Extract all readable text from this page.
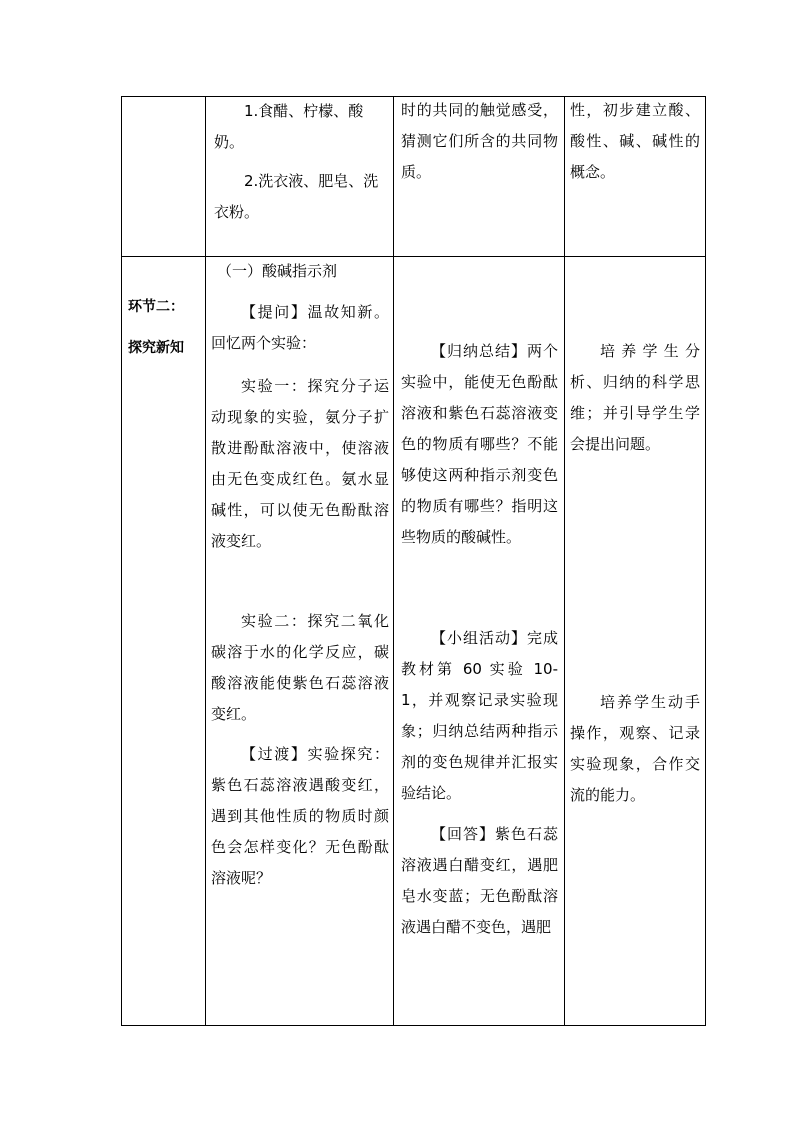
1.食醋、柠檬、酸奶。

2.洗衣液、肥皂、洗衣粉。

时的共同的触觉感受，猜测它们所含的共同物质。

性，初步建立酸、酸性、碱、碱性的概念。

环节二：

探究新知

（一）酸碱指示剂

【提问】温故知新。回忆两个实验：

实验一：探究分子运动现象的实验，氨分子扩散进酚酞溶液中，使溶液由无色变成红色。氨水显碱性，可以使无色酚酞溶液变红。

实验二：探究二氧化碳溶于水的化学反应，碳酸溶液能使紫色石蕊溶液变红。

【过渡】实验探究：紫色石蕊溶液遇酸变红，遇到其他性质的物质时颜色会怎样变化？无色酚酞溶液呢？

【归纳总结】两个实验中，能使无色酚酞溶液和紫色石蕊溶液变色的物质有哪些？不能够使这两种指示剂变色的物质有哪些？指明这些物质的酸碱性。

【小组活动】完成教材第 60 实验 10-1，并观察记录实验现象；归纳总结两种指示剂的变色规律并汇报实验结论。

【回答】紫色石蕊溶液遇白醋变红，遇肥皂水变蓝；无色酚酞溶液遇白醋不变色，遇肥

培养学生分析、归纳的科学思维；并引导学生学会提出问题。

培养学生动手操作，观察、记录实验现象，合作交流的能力。
